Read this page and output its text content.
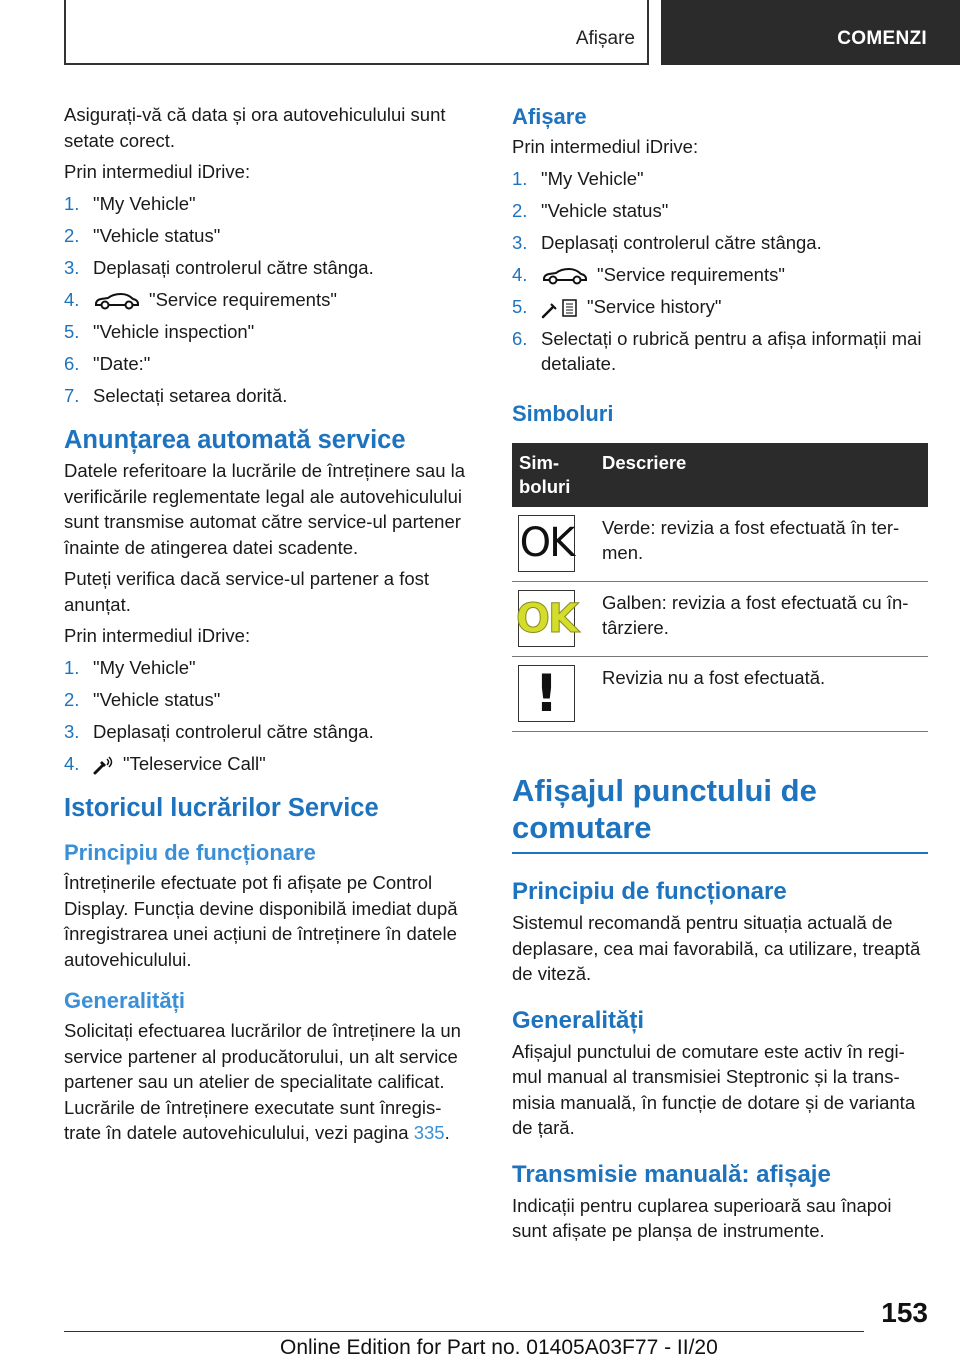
Afișare	COMENZI

Asigurați-vă că data și ora autovehiculului sunt setate corect.

Prin intermediul iDrive:

1. "My Vehicle"
2. "Vehicle status"
3. Deplasați controlerul către stânga.
4.	"Service requirements"
5. "Vehicle inspection"
6. "Date:"
7. Selectați setarea dorită.
Anunțarea automată service

Datele referitoare la lucrările de întreținere sau la verificările reglementate legal ale autovehiculului sunt transmise automat către service-ul partener înainte de atingerea datei scadente.

Puteți verifica dacă service-ul partener a fost anunțat.

Prin intermediul iDrive:

1. "My Vehicle"
2. "Vehicle status"
3. Deplasați controlerul către stânga.
4. "Teleservice Call"
Istoricul lucrărilor Service
Principiu de funcționare

Întreținerile efectuate pot fi afișate pe Control Display. Funcția devine disponibilă imediat după înregistrarea unei acțiuni de întreținere în datele autovehiculului.

Generalități

Solicitați efectuarea lucrărilor de întreținere la un service partener al producătorului, un alt service partener sau un atelier de specialitate calificat. Lucrările de întreținere executate sunt înregis-trate în datele autovehiculului, vezi pagina 335.

Afișare

Prin intermediul iDrive:

1. "My Vehicle"
2. "Vehicle status"
3. Deplasați controlerul către stânga.
4.	"Service requirements"
5.	"Service history"
6. Selectați o rubrică pentru a afișa informații mai detaliate.
Simboluri
Sim-
boluri	Descriere

OK	Verde: revizia a fost efectuată în ter-men.

OK	Galben: revizia a fost efectuată cu în-târziere.

!	Revizia nu a fost efectuată.
Afișajul punctului de comutare
Principiu de funcționare

Sistemul recomandă pentru situația actuală de deplasare, cea mai favorabilă, ca utilizare, treaptă de viteză.

Generalități

Afișajul punctului de comutare este activ în regi-mul manual al transmisiei Steptronic și la trans-misia manuală, în funcție de dotare și de varianta de țară.

Transmisie manuală: afișaje

Indicații pentru cuplarea superioară sau înapoi sunt afișate pe planșa de instrumente.

153
Online Edition for Part no. 01405A03F77 - II/20
